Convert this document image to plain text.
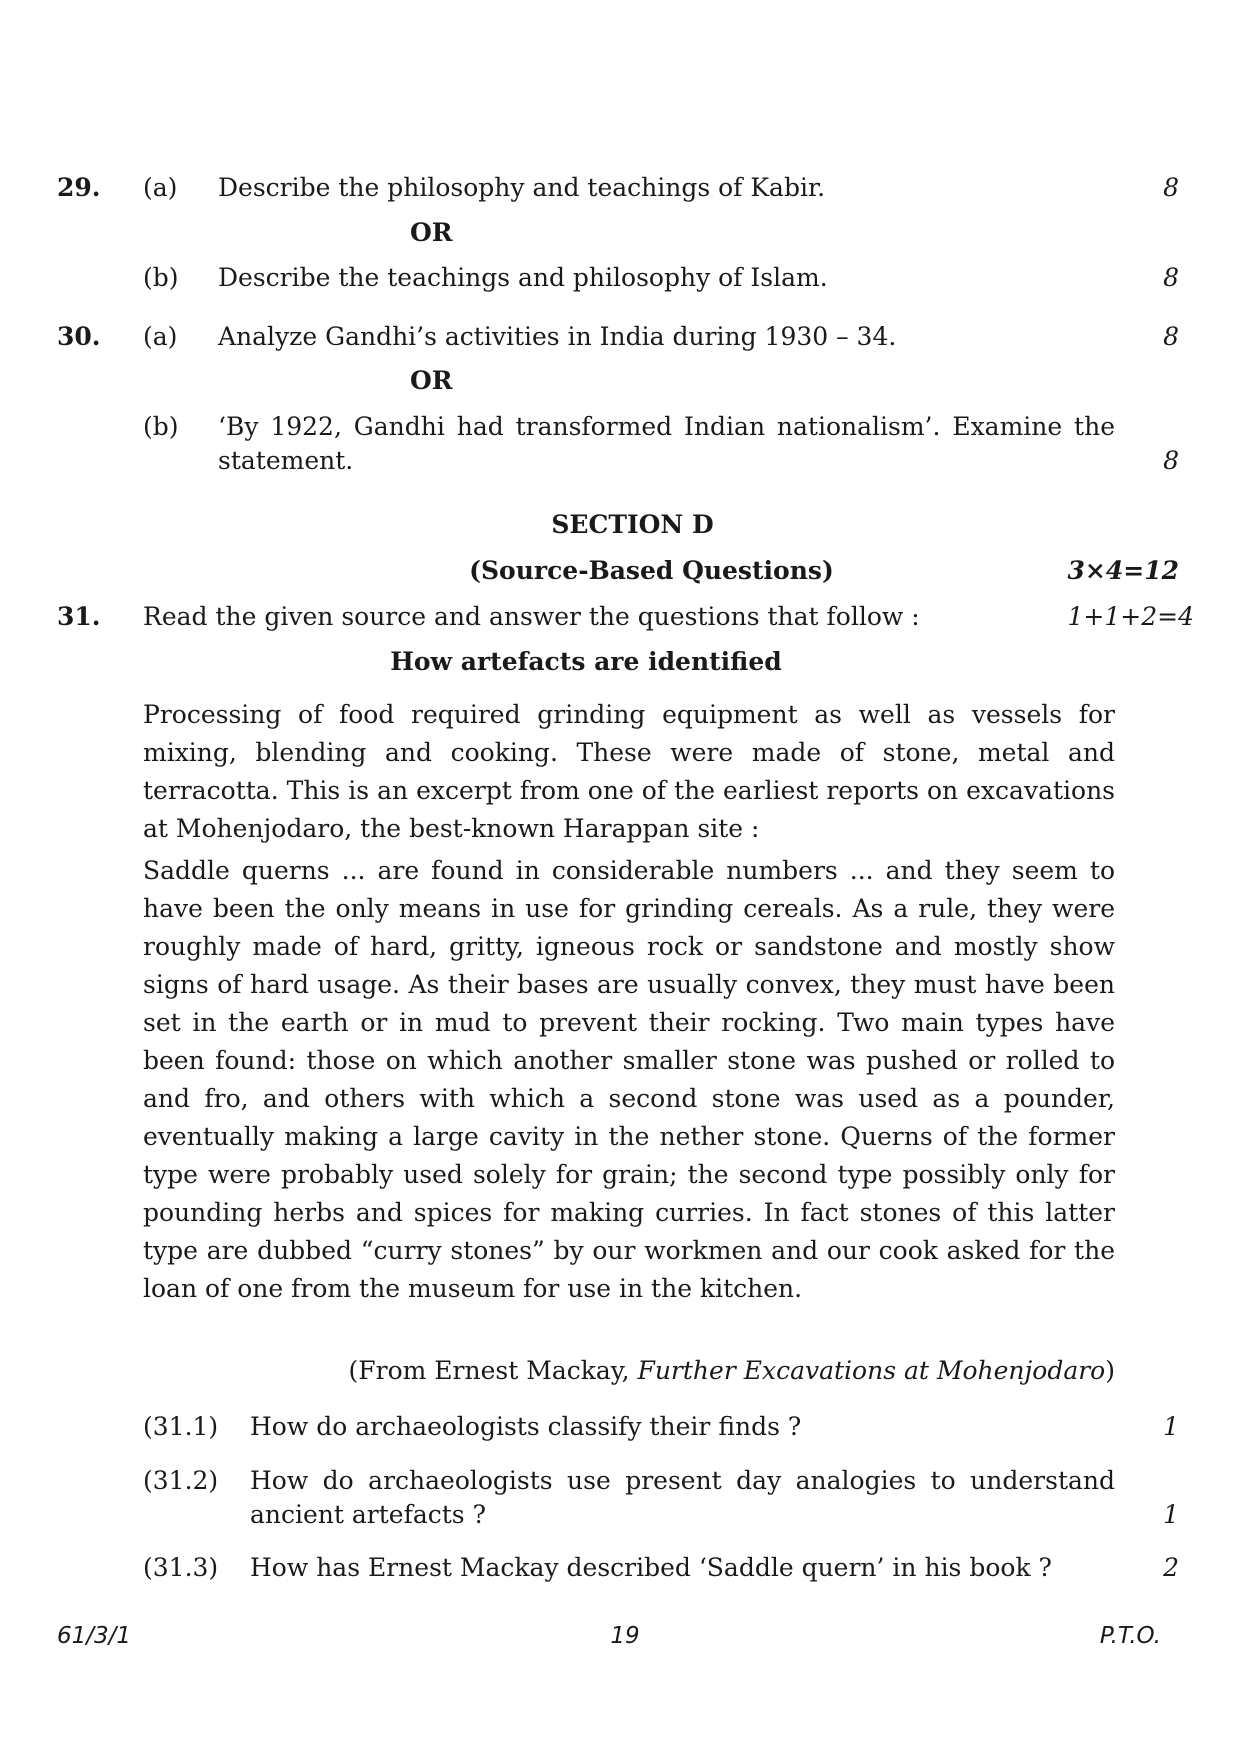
29. (a) Describe the philosophy and teachings of Kabir.	8
OR
(b) Describe the teachings and philosophy of Islam.	8
30. (a) Analyze Gandhi’s activities in India during 1930 – 34.	8
OR
(b) ‘By 1922, Gandhi had transformed Indian nationalism’. Examine the statement.	8
SECTION D
(Source-Based Questions)	3×4=12
31. Read the given source and answer the questions that follow :	1+1+2=4
How artefacts are identified
Processing of food required grinding equipment as well as vessels for mixing, blending and cooking. These were made of stone, metal and terracotta. This is an excerpt from one of the earliest reports on excavations at Mohenjodaro, the best-known Harappan site :
Saddle querns ... are found in considerable numbers ... and they seem to have been the only means in use for grinding cereals. As a rule, they were roughly made of hard, gritty, igneous rock or sandstone and mostly show signs of hard usage. As their bases are usually convex, they must have been set in the earth or in mud to prevent their rocking. Two main types have been found: those on which another smaller stone was pushed or rolled to and fro, and others with which a second stone was used as a pounder, eventually making a large cavity in the nether stone. Querns of the former type were probably used solely for grain; the second type possibly only for pounding herbs and spices for making curries. In fact stones of this latter type are dubbed “curry stones” by our workmen and our cook asked for the loan of one from the museum for use in the kitchen.
(From Ernest Mackay, Further Excavations at Mohenjodaro)
(31.1) How do archaeologists classify their finds ?	1
(31.2) How do archaeologists use present day analogies to understand ancient artefacts ?	1
(31.3) How has Ernest Mackay described ‘Saddle quern’ in his book ?	2
61/3/1	19	P.T.O.
